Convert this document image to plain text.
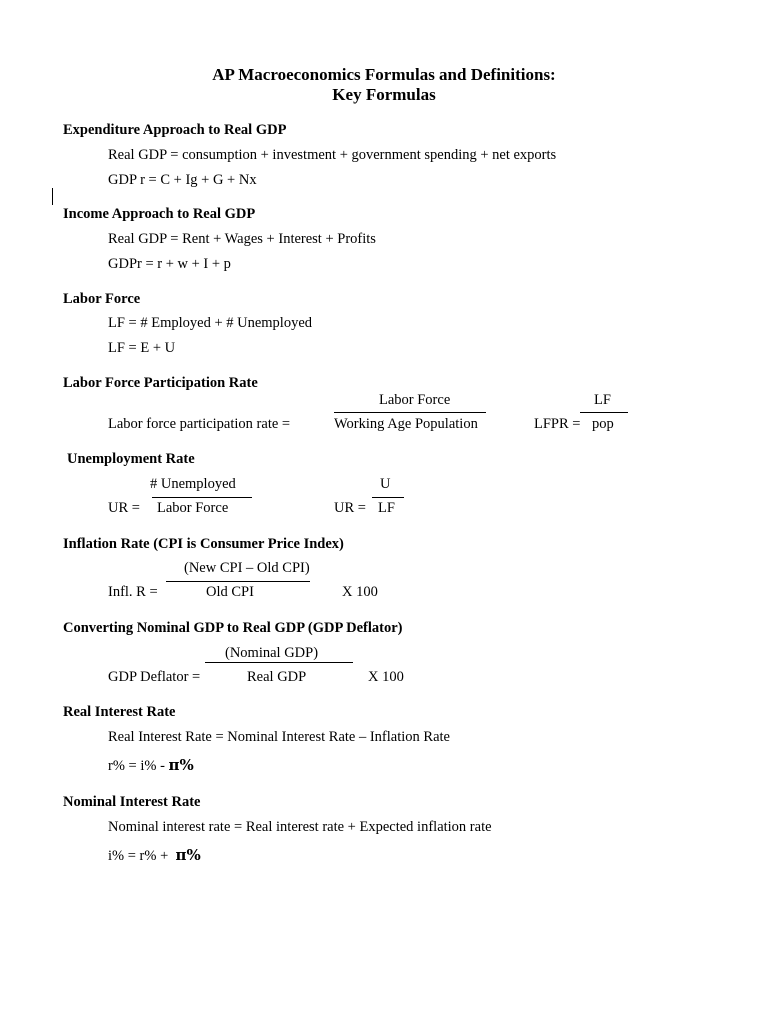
AP Macroeconomics Formulas and Definitions:
Key Formulas
Expenditure Approach to Real GDP
Real GDP = consumption + investment + government spending + net exports
GDP r = C + Ig + G + Nx
Income Approach to Real GDP
Real GDP = Rent + Wages + Interest + Profits
GDPr = r + w + I + p
Labor Force
LF = # Employed + # Unemployed
LF = E + U
Labor Force Participation Rate
Labor Force
Labor force participation rate =	Working Age Population
LF
LFPR = pop
Unemployment Rate
# Unemployed
UR = Labor Force
U
UR = LF
Inflation Rate (CPI is Consumer Price Index)
(New CPI – Old CPI)
Infl. R =	Old CPI	X 100
Converting Nominal GDP to Real GDP (GDP Deflator)
(Nominal GDP)
GDP Deflator =	Real GDP	X 100
Real Interest Rate
Real Interest Rate = Nominal Interest Rate – Inflation Rate
r% = i% - π%
Nominal Interest Rate
Nominal interest rate = Real interest rate + Expected inflation rate
i% = r% + π%
